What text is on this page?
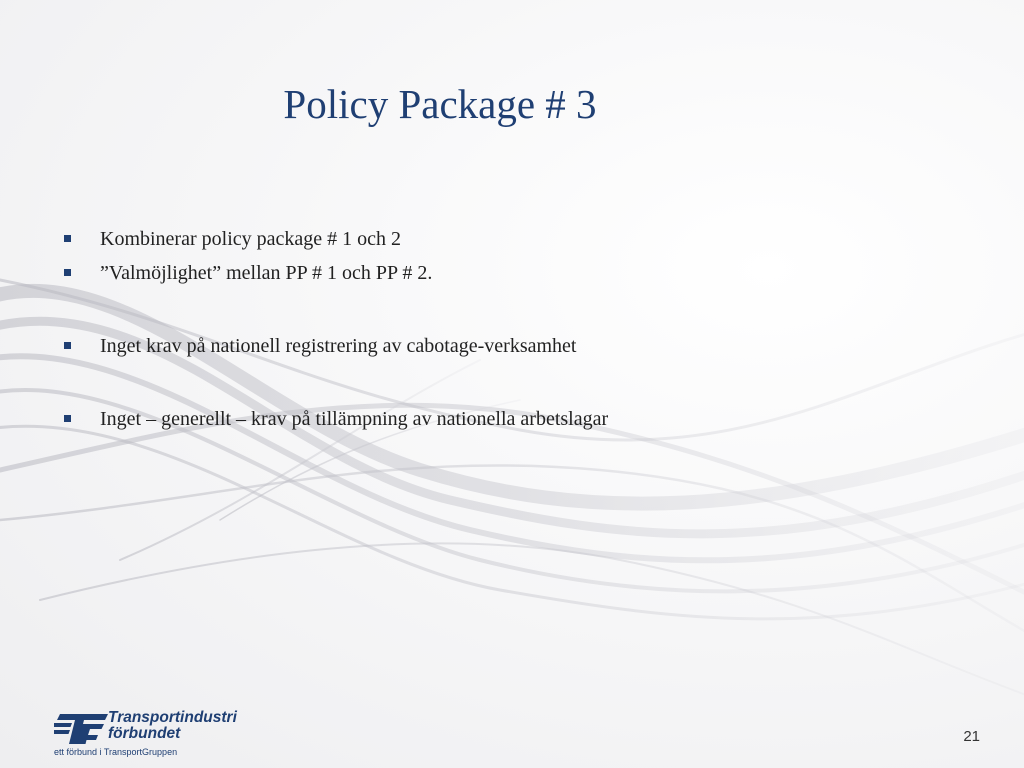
Policy Package # 3
Kombinerar policy package # 1 och 2
”Valmöjlighet” mellan PP # 1 och PP # 2.
Inget krav på nationell registrering av cabotage-verksamhet
Inget – generellt – krav på tillämpning av nationella arbetslagar
Transportindustri
förbundet
ett förbund i TransportGruppen
21
